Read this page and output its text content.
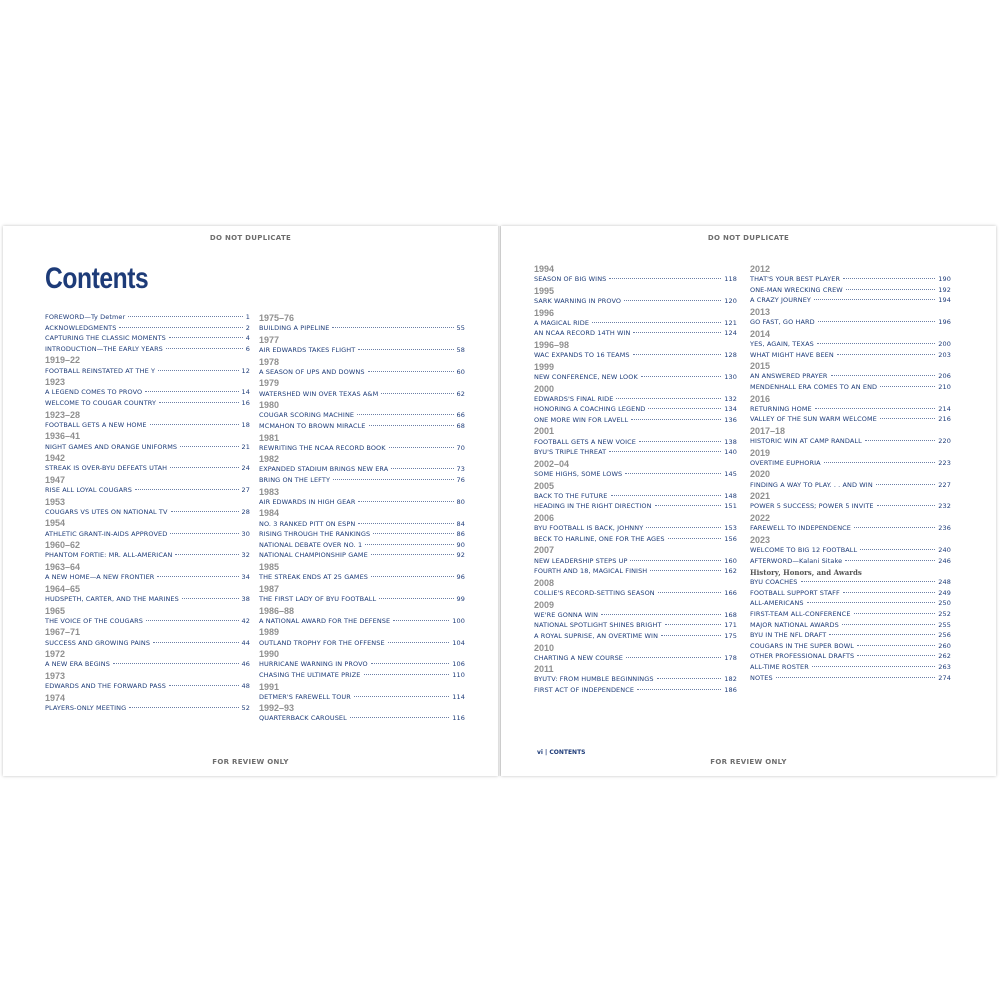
DO NOT DUPLICATE
Contents
FOREWORD—Ty Detmer	1
ACKNOWLEDGMENTS	2
CAPTURING THE CLASSIC MOMENTS	4
INTRODUCTION—THE EARLY YEARS	6
1919–22
FOOTBALL REINSTATED AT THE Y	12
1923
A LEGEND COMES TO PROVO	14
WELCOME TO COUGAR COUNTRY	16
1923–28
FOOTBALL GETS A NEW HOME	18
1936–41
NIGHT GAMES AND ORANGE UNIFORMS	21
1942
STREAK IS OVER-BYU DEFEATS UTAH	24
1947
RISE ALL LOYAL COUGARS	27
1953
COUGARS VS UTES ON NATIONAL TV	28
1954
ATHLETIC GRANT-IN-AIDS APPROVED	30
1960–62
PHANTOM FORTIE: MR. ALL-AMERICAN	32
1963–64
A NEW HOME—A NEW FRONTIER	34
1964–65
HUDSPETH, CARTER, AND THE MARINES	38
1965
THE VOICE OF THE COUGARS	42
1967–71
SUCCESS AND GROWING PAINS	44
1972
A NEW ERA BEGINS	46
1973
EDWARDS AND THE FORWARD PASS	48
1974
PLAYERS-ONLY MEETING	52
1975–76
BUILDING A PIPELINE	55
1977
AIR EDWARDS TAKES FLIGHT	58
1978
A SEASON OF UPS AND DOWNS	60
1979
WATERSHED WIN OVER TEXAS A&M	62
1980
COUGAR SCORING MACHINE	66
MCMAHON TO BROWN MIRACLE	68
1981
REWRITING THE NCAA RECORD BOOK	70
1982
EXPANDED STADIUM BRINGS NEW ERA	73
BRING ON THE LEFTY	76
1983
AIR EDWARDS IN HIGH GEAR	80
1984
NO. 3 RANKED PITT ON ESPN	84
RISING THROUGH THE RANKINGS	86
NATIONAL DEBATE OVER NO. 1	90
NATIONAL CHAMPIONSHIP GAME	92
1985
THE STREAK ENDS AT 25 GAMES	96
1987
THE FIRST LADY OF BYU FOOTBALL	99
1986–88
A NATIONAL AWARD FOR THE DEFENSE	100
1989
OUTLAND TROPHY FOR THE OFFENSE	104
1990
HURRICANE WARNING IN PROVO	106
CHASING THE ULTIMATE PRIZE	110
1991
DETMER'S FAREWELL TOUR	114
1992–93
QUARTERBACK CAROUSEL	116
FOR REVIEW ONLY
DO NOT DUPLICATE
1994
SEASON OF BIG WINS	118
1995
SARK WARNING IN PROVO	120
1996
A MAGICAL RIDE	121
AN NCAA RECORD 14TH WIN	124
1996–98
WAC EXPANDS TO 16 TEAMS	128
1999
NEW CONFERENCE, NEW LOOK	130
2000
EDWARDS'S FINAL RIDE	132
HONORING A COACHING LEGEND	134
ONE MORE WIN FOR LAVELL	136
2001
FOOTBALL GETS A NEW VOICE	138
BYU'S TRIPLE THREAT	140
2002–04
SOME HIGHS, SOME LOWS	145
2005
BACK TO THE FUTURE	148
HEADING IN THE RIGHT DIRECTION	151
2006
BYU FOOTBALL IS BACK, JOHNNY	153
BECK TO HARLINE, ONE FOR THE AGES	156
2007
NEW LEADERSHIP STEPS UP	160
FOURTH AND 18, MAGICAL FINISH	162
2008
COLLIE'S RECORD-SETTING SEASON	166
2009
WE'RE GONNA WIN	168
NATIONAL SPOTLIGHT SHINES BRIGHT	171
A ROYAL SUPRISE, AN OVERTIME WIN	175
2010
CHARTING A NEW COURSE	178
2011
BYUTV: FROM HUMBLE BEGINNINGS	182
FIRST ACT OF INDEPENDENCE	186
2012
THAT'S YOUR BEST PLAYER	190
ONE-MAN WRECKING CREW	192
A CRAZY JOURNEY	194
2013
GO FAST, GO HARD	196
2014
YES, AGAIN, TEXAS	200
WHAT MIGHT HAVE BEEN	203
2015
AN ANSWERED PRAYER	206
MENDENHALL ERA COMES TO AN END	210
2016
RETURNING HOME	214
VALLEY OF THE SUN WARM WELCOME	216
2017–18
HISTORIC WIN AT CAMP RANDALL	220
2019
OVERTIME EUPHORIA	223
2020
FINDING A WAY TO PLAY. . . AND WIN	227
2021
POWER 5 SUCCESS; POWER 5 INVITE	232
2022
FAREWELL TO INDEPENDENCE	236
2023
WELCOME TO BIG 12 FOOTBALL	240
AFTERWORD—Kalani Sitake	246
History, Honors, and Awards
BYU COACHES	248
FOOTBALL SUPPORT STAFF	249
ALL-AMERICANS	250
FIRST-TEAM ALL-CONFERENCE	252
MAJOR NATIONAL AWARDS	255
BYU IN THE NFL DRAFT	256
COUGARS IN THE SUPER BOWL	260
OTHER PROFESSIONAL DRAFTS	262
ALL-TIME ROSTER	263
NOTES	274
vi | CONTENTS
FOR REVIEW ONLY
